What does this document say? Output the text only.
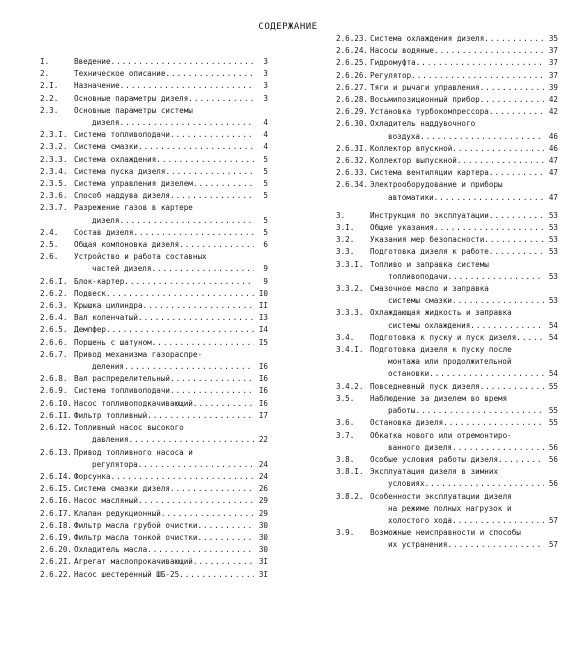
СОДЕРЖАНИЕ
I.	Введение .....	3
2.	Техническое описание .....	3
2.I.	Назначение .....	3
2.2.	Основные параметры дизеля .....	3
2.3.	Основные параметры системы
дизеля .....	4
2.3.I. Система топливоподачи .....	4
2.3.2. Система смазки .....	4
2.3.3. Система охлаждения .....	5
2.3.4. Система пуска дизеля .....	5
2.3.5. Система управления дизелем .....	5
2.3.6. Способ наддува дизеля .....	5
2.3.7. Разрежение газов в картере
дизеля .....	5
2.4.	Состав дизеля .....	5
2.5.	Общая компоновка дизеля .....	6
2.6.	Устройство и работа составных
частей дизеля .....	9
2.6.I. Блок-картер .....	9
2.6.2. Подвеск .....	I0
2.6.3. Крышка цилиндра .....	II
2.6.4. Вал коленчатый .....	I3
2.6.5. Демпфер .....	I4
2.6.6. Поршень с шатуном .....	I5
2.6.7. Привод механизма газораспре-
деления .....	I6
2.6.8. Вал распределительный .....	I6
2.6.9. Система топливоподачи .....	I6
2.6.I0. Насос топливоподкачивающий .....	I6
2.6.II. Фильтр топливный .....	I7
2.6.I2. Топливный насос высокого
давления .....	22
2.6.I3. Привод топливного насоса и
регулятора .....	24
2.6.I4. Форсунка .....	24
2.6.I5. Система смазки дизеля .....	26
2.6.I6. Насос масляный .....	29
2.6.I7. Клапан редукционный .....	29
2.6.I8. Фильтр масла грубой очистки .....	30
2.6.I9. Фильтр масла тонкой очистки .....	30
2.6.20. Охладитель масла .....	30
2.6.2I. Агрегат маслопрокачивающий .....	3I
2.6.22. Насос шестеренный ШБ-25 .....	3I
2.6.23. Система охлаждения дизеля .....	35
2.6.24. Насосы водяные .....	37
2.6.25. Гидромуфта .....	37
2.6.26. Регулятор .....	37
2.6.27. Тяги и рычаги управления .....	39
2.6.28. Восьмипозиционный прибор .....	42
2.6.29. Установка турбокомпрессора .....	42
2.6.30. Охладитель наддувочного
воздуха .....	46
2.6.3I. Коллектор впускной .....	46
2.6.32. Коллектор выпускной .....	47
2.6.33. Система вентиляции картера .....	47
2.6.34. Электрооборудование и приборы
автоматики .....	47
3.	Инструкция по эксплуатации .....	53
3.I.	Общие указания .....	53
3.2.	Указания мер безопасности .....	53
3.3.	Подготовка дизеля к работе .....	53
3.3.I. Топливо и заправка системы
топливоподачи .....	53
3.3.2. Смазочное масло и заправка
системы смазки .....	53
3.3.3. Охлаждающая жидкость и заправка
системы охлаждения .....	54
3.4.	Подготовка к пуску и пуск дизеля .....	54
3.4.I. Подготовка дизеля к пуску после
монтажа или продолжительной
остановки .....	54
3.4.2. Повседневный пуск дизеля .....	55
3.5.	Наблюдение за дизелем во время
работы .....	55
3.6.	Остановка дизеля .....	55
3.7.	Обкатка нового или отремонтиро-
ванного дизеля .....	56
3.8.	Особые условия работы дизеля .....	56
3.8.I. Эксплуатация дизеля в зимних
условиях .....	56
3.8.2. Особенности эксплуатации дизеля
на режиме полных нагрузок и
холостого хода .....	57
3.9.	Возможные неисправности и способы
их устранения .....	57
